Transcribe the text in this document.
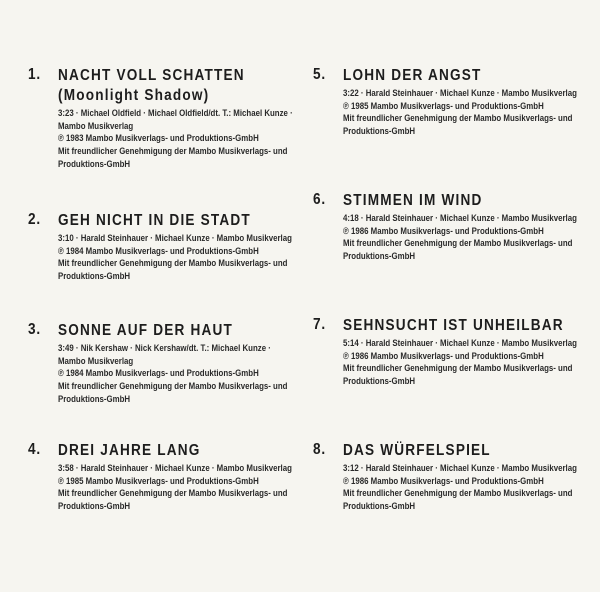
1. NACHT VOLL SCHATTEN
(Moonlight Shadow)
3:23 · Michael Oldfield · Michael Oldfield/dt. T.: Michael Kunze ·
Mambo Musikverlag
℗ 1983 Mambo Musikverlags- und Produktions-GmbH
Mit freundlicher Genehmigung der Mambo Musikverlags- und
Produktions-GmbH
2. GEH NICHT IN DIE STADT
3:10 · Harald Steinhauer · Michael Kunze · Mambo Musikverlag
℗ 1984 Mambo Musikverlags- und Produktions-GmbH
Mit freundlicher Genehmigung der Mambo Musikverlags- und
Produktions-GmbH
3. SONNE AUF DER HAUT
3:49 · Nik Kershaw · Nick Kershaw/dt. T.: Michael Kunze ·
Mambo Musikverlag
℗ 1984 Mambo Musikverlags- und Produktions-GmbH
Mit freundlicher Genehmigung der Mambo Musikverlags- und
Produktions-GmbH
4. DREI JAHRE LANG
3:58 · Harald Steinhauer · Michael Kunze · Mambo Musikverlag
℗ 1985 Mambo Musikverlags- und Produktions-GmbH
Mit freundlicher Genehmigung der Mambo Musikverlags- und
Produktions-GmbH
5. LOHN DER ANGST
3:22 · Harald Steinhauer · Michael Kunze · Mambo Musikverlag
℗ 1985 Mambo Musikverlags- und Produktions-GmbH
Mit freundlicher Genehmigung der Mambo Musikverlags- und
Produktions-GmbH
6. STIMMEN IM WIND
4:18 · Harald Steinhauer · Michael Kunze · Mambo Musikverlag
℗ 1986 Mambo Musikverlags- und Produktions-GmbH
Mit freundlicher Genehmigung der Mambo Musikverlags- und
Produktions-GmbH
7. SEHNSUCHT IST UNHEILBAR
5:14 · Harald Steinhauer · Michael Kunze · Mambo Musikverlag
℗ 1986 Mambo Musikverlags- und Produktions-GmbH
Mit freundlicher Genehmigung der Mambo Musikverlags- und
Produktions-GmbH
8. DAS WÜRFELSPIEL
3:12 · Harald Steinhauer · Michael Kunze · Mambo Musikverlag
℗ 1986 Mambo Musikverlags- und Produktions-GmbH
Mit freundlicher Genehmigung der Mambo Musikverlags- und
Produktions-GmbH
